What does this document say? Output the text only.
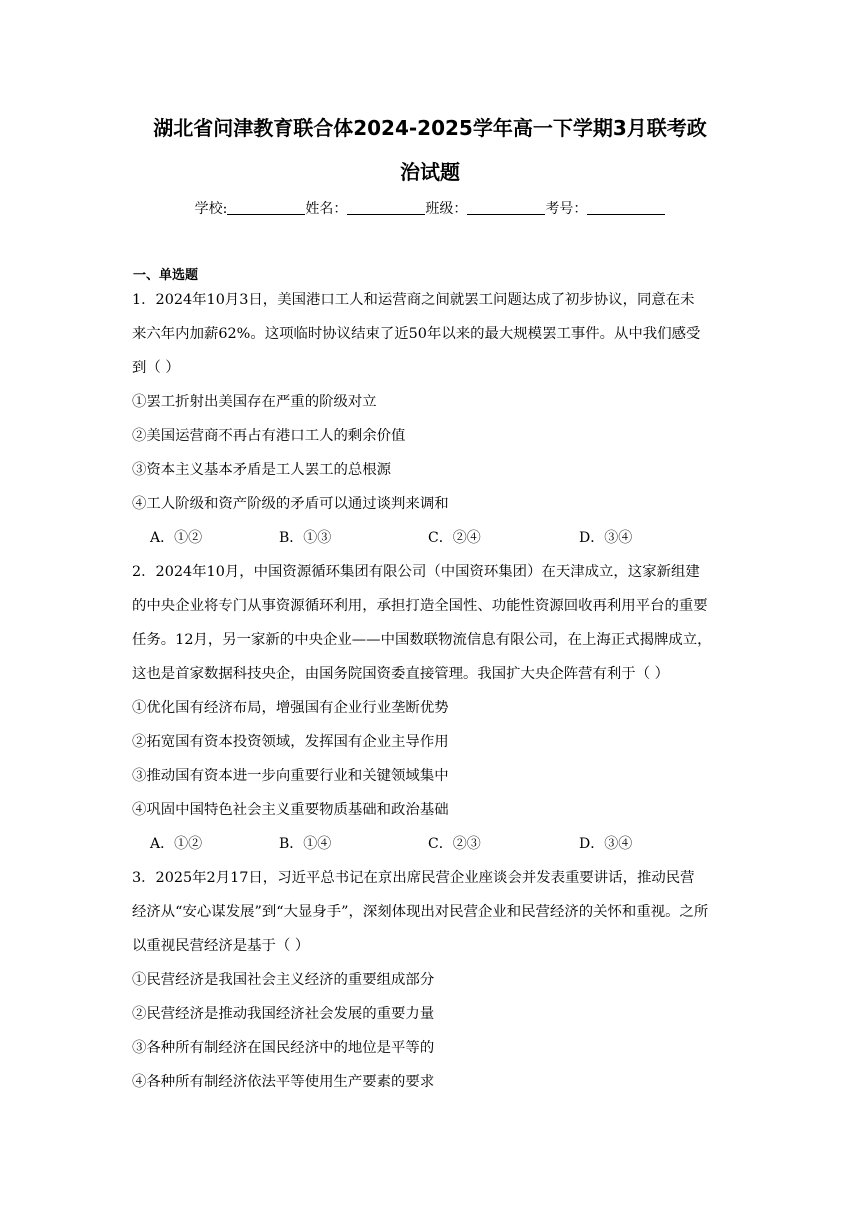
湖北省问津教育联合体2024-2025学年高一下学期3月联考政
治试题
学校:	姓名：	班级：	考号：
一、单选题
1．2024年10月3日，美国港口工人和运营商之间就罢工问题达成了初步协议，同意在未
来六年内加薪62%。这项临时协议结束了近50年以来的最大规模罢工事件。从中我们感受
到（ ）
①罢工折射出美国存在严重的阶级对立
②美国运营商不再占有港口工人的剩余价值
③资本主义基本矛盾是工人罢工的总根源
④工人阶级和资产阶级的矛盾可以通过谈判来调和
A．①②	B．①③	C．②④	D．③④
2．2024年10月，中国资源循环集团有限公司（中国资环集团）在天津成立，这家新组建
的中央企业将专门从事资源循环利用，承担打造全国性、功能性资源回收再利用平台的重要
任务。12月，另一家新的中央企业——中国数联物流信息有限公司，在上海正式揭牌成立，
这也是首家数据科技央企，由国务院国资委直接管理。我国扩大央企阵营有利于（ ）
①优化国有经济布局，增强国有企业行业垄断优势
②拓宽国有资本投资领域，发挥国有企业主导作用
③推动国有资本进一步向重要行业和关键领域集中
④巩固中国特色社会主义重要物质基础和政治基础
A．①②	B．①④	C．②③	D．③④
3．2025年2月17日，习近平总书记在京出席民营企业座谈会并发表重要讲话，推动民营
经济从“安心谋发展”到“大显身手”，深刻体现出对民营企业和民营经济的关怀和重视。之所
以重视民营经济是基于（ ）
①民营经济是我国社会主义经济的重要组成部分
②民营经济是推动我国经济社会发展的重要力量
③各种所有制经济在国民经济中的地位是平等的
④各种所有制经济依法平等使用生产要素的要求
